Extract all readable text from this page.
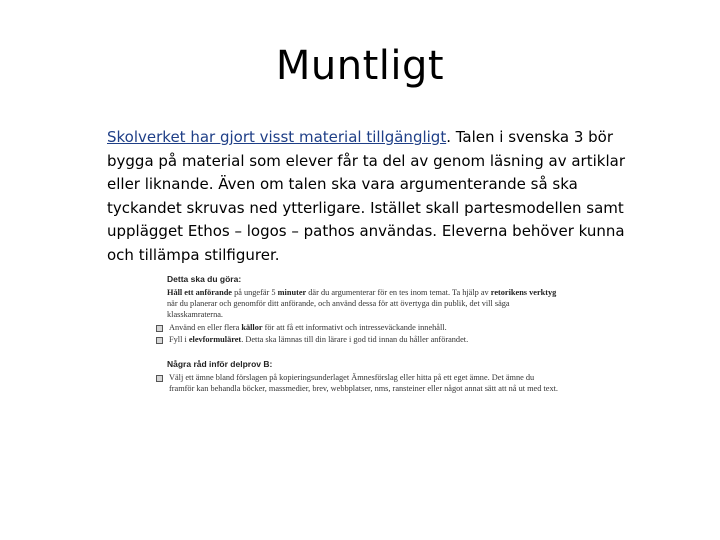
Muntligt
Skolverket har gjort visst material tillgängligt. Talen i svenska 3 bör bygga på material som elever får ta del av genom läsning av artiklar eller liknande. Även om talen ska vara argumenterande så ska tyckandet skruvas ned ytterligare. Istället skall partesmodellen samt upplägget Ethos – logos – pathos användas. Eleverna behöver kunna och tillämpa stilfigurer.
Detta ska du göra:
Håll ett anförande på ungefär 5 minuter där du argumenterar för en tes inom temat. Ta hjälp av retorikens verktyg när du planerar och genomför ditt anförande, och använd dessa för att övertyga din publik, det vill säga klasskamraterna.
Använd en eller flera källor för att få ett informativt och intresseväckande innehåll.
Fyll i elevformuläret. Detta ska lämnas till din lärare i god tid innan du håller anförandet.
Några råd inför delprov B:
Välj ett ämne bland förslagen på kopieringsunderlaget Ämnesförslag eller hitta på ett eget ämne. Det ämne du framför kan behandla böcker, massmedier, brev, webbplatser, nms, ransteiner eller något annat sätt att nå ut med text.
